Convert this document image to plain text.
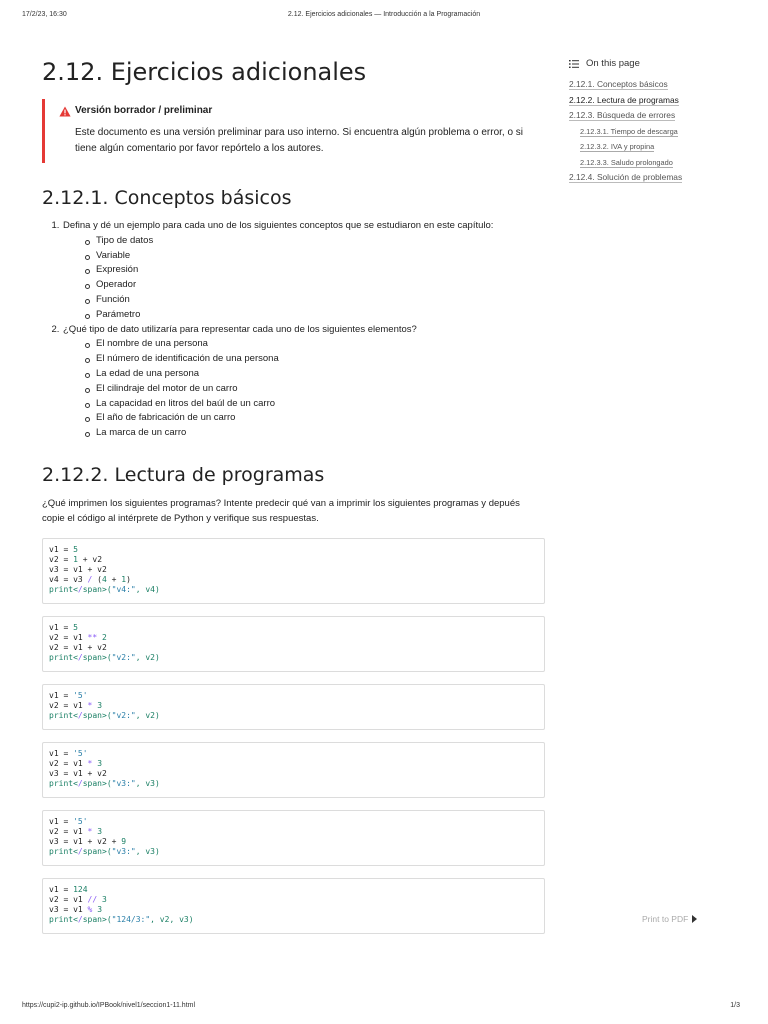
17/2/23, 16:30	2.12. Ejercicios adicionales — Introducción a la Programación
2.12. Ejercicios adicionales
Versión borrador / preliminar
Este documento es una versión preliminar para uso interno. Si encuentra algún problema o error, o si tiene algún comentario por favor repórtelo a los autores.
2.12.1. Conceptos básicos
1. Defina y dé un ejemplo para cada uno de los siguientes conceptos que se estudiaron en este capítulo:
Tipo de datos
Variable
Expresión
Operador
Función
Parámetro
2. ¿Qué tipo de dato utilizaría para representar cada uno de los siguientes elementos?
El nombre de una persona
El número de identificación de una persona
La edad de una persona
El cilindraje del motor de un carro
La capacidad en litros del baúl de un carro
El año de fabricación de un carro
La marca de un carro
2.12.2. Lectura de programas

¿Qué imprimen los siguientes programas? Intente predecir qué van a imprimir los siguientes programas y depués copie el código al intérprete de Python y verifique sus respuestas.

v1 = 5
v2 = 1 + v2
v3 = v1 + v2
v4 = v3 / (4 + 1)
print</span>("v4:", v4)
v1 = 5
v2 = v1 ** 2
v2 = v1 + v2
print</span>("v2:", v2)
v1 = '5'
v2 = v1 * 3
print</span>("v2:", v2)
v1 = '5'
v2 = v1 * 3
v3 = v1 + v2
print</span>("v3:", v3)
v1 = '5'
v2 = v1 * 3
v3 = v1 + v2 + 9
print</span>("v3:", v3)
v1 = 124
v2 = v1 // 3
v3 = v1 % 3
print</span>("124/3:", v2, v3)
On this page
2.12.1. Conceptos básicos
2.12.2. Lectura de programas
2.12.3. Búsqueda de errores
2.12.3.1. Tiempo de descarga
2.12.3.2. IVA y propina
2.12.3.3. Saludo prolongado
2.12.4. Solución de problemas
Print to PDF
https://cupi2-ip.github.io/IPBook/nivel1/seccion1-11.html	1/3
